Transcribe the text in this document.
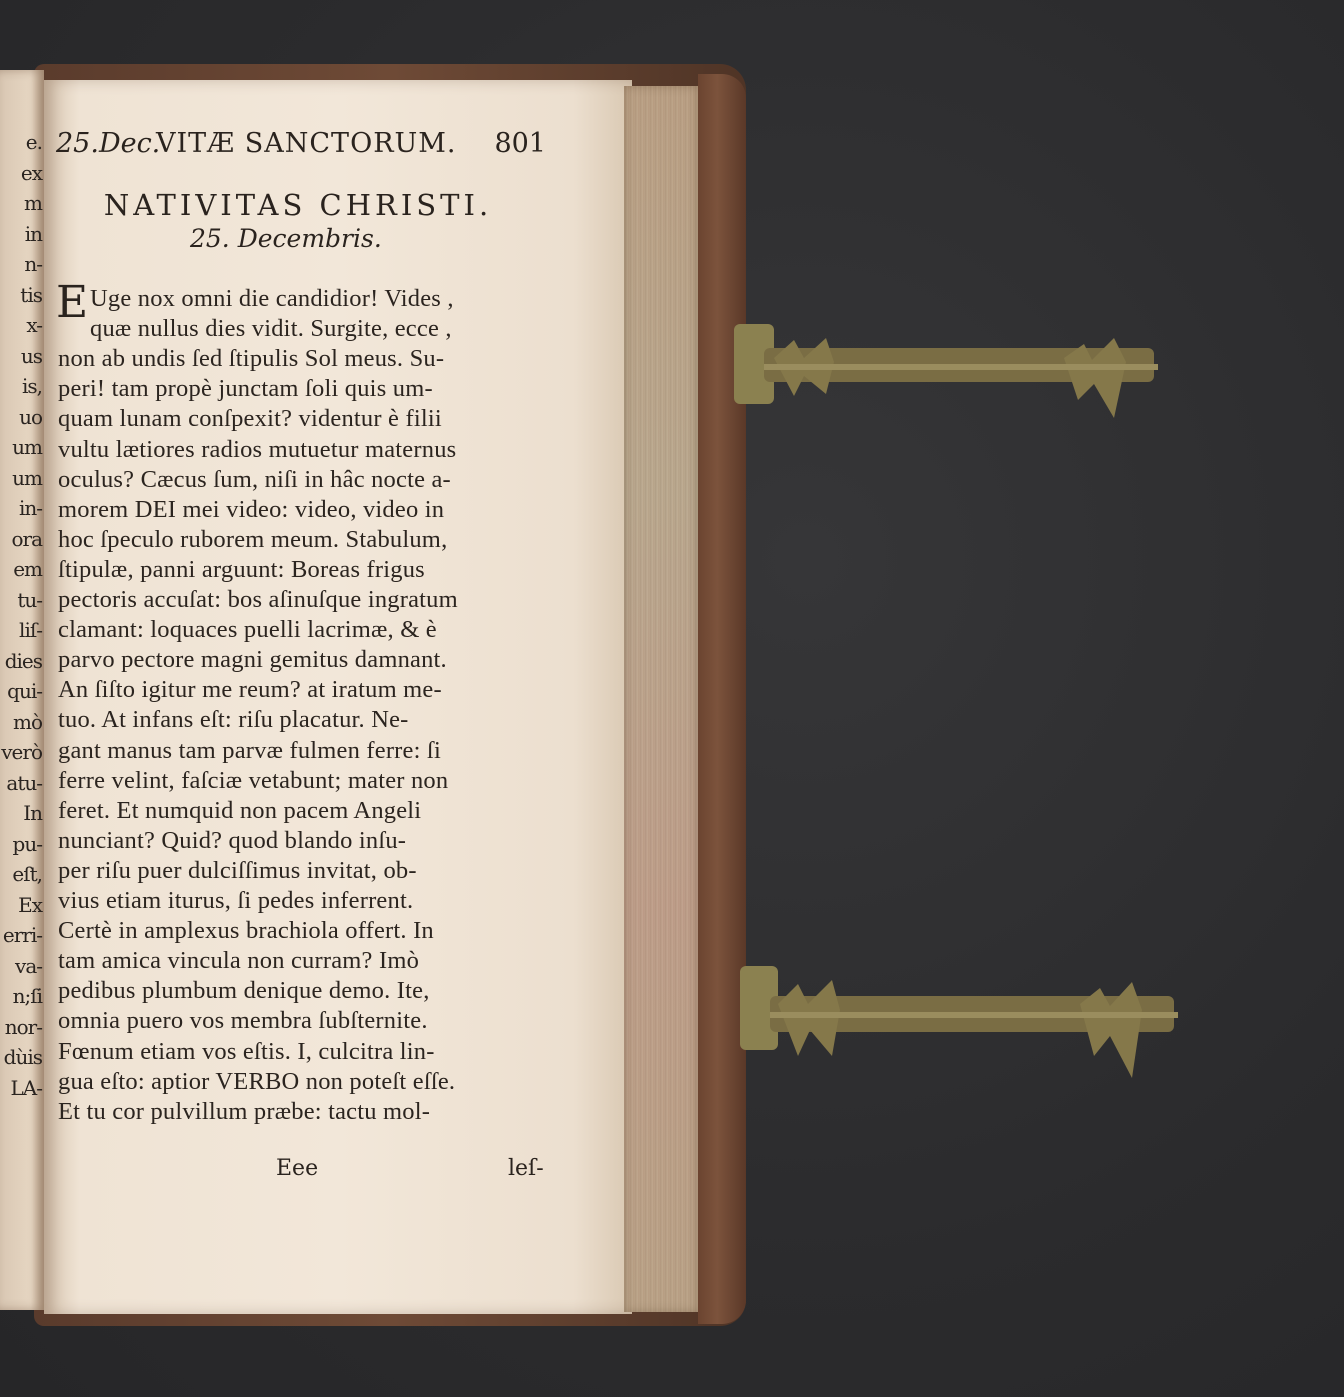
e.
ex
m
in
n-
tis
x-
us
is,
uo
um
um
in-
ora
em
tu-
liſ-
dies
qui-
mò
verò
atu-
In
pu-
eſt,
Ex
erri-
va-
n;ſi
nor-
dùis
LA-
25.Dec.
VITÆ SANCTORUM. 801
NATIVITAS CHRISTI.
25. Decembris.
E Uge nox omni die candidior! Vides ,
quæ nullus dies vidit. Surgite, ecce ,
non ab undis ſed ſtipulis Sol meus. Su-
peri! tam propè junctam ſoli quis um-
quam lunam conſpexit? videntur è filii
vultu lætiores radios mutuetur maternus
oculus? Cæcus ſum, niſi in hâc nocte a-
morem DEI mei video: video, video in
hoc ſpeculo ruborem meum. Stabulum,
ſtipulæ, panni arguunt: Boreas frigus
pectoris accuſat: bos aſinuſque ingratum
clamant: loquaces puelli lacrimæ, & è
parvo pectore magni gemitus damnant.
An ſiſto igitur me reum? at iratum me-
tuo. At infans eſt: riſu placatur. Ne-
gant manus tam parvæ fulmen ferre: ſi
ferre velint, faſciæ vetabunt; mater non
feret. Et numquid non pacem Angeli
nunciant? Quid? quod blando inſu-
per riſu puer dulciſſimus invitat, ob-
vius etiam iturus, ſi pedes inferrent.
Certè in amplexus brachiola offert. In
tam amica vincula non curram? Imò
pedibus plumbum denique demo. Ite,
omnia puero vos membra ſubſternite.
Fœnum etiam vos eſtis. I, culcitra lin-
gua eſto: aptior VERBO non poteſt eſſe.
Et tu cor pulvillum præbe: tactu mol-
Eee	leſ-
